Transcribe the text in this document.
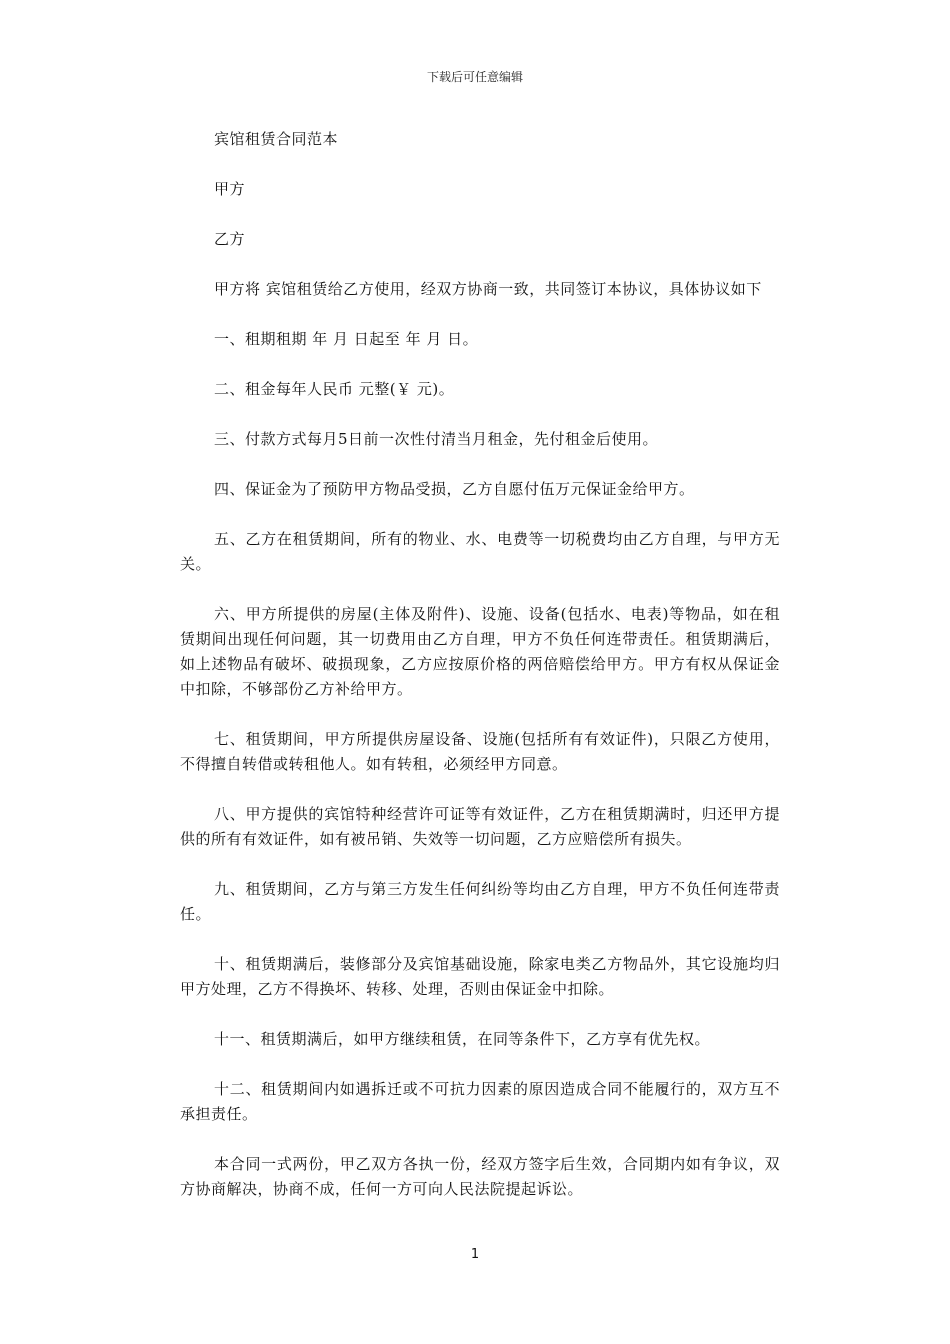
下载后可任意编辑

宾馆租赁合同范本

甲方

乙方

甲方将 宾馆租赁给乙方使用，经双方协商一致，共同签订本协议，具体协议如下

一、租期租期 年 月 日起至 年 月 日。

二、租金每年人民币 元整(￥ 元)。

三、付款方式每月5日前一次性付清当月租金，先付租金后使用。

四、保证金为了预防甲方物品受损，乙方自愿付伍万元保证金给甲方。

五、乙方在租赁期间，所有的物业、水、电费等一切税费均由乙方自理，与甲方无关。

六、甲方所提供的房屋(主体及附件)、设施、设备(包括水、电表)等物品，如在租赁期间出现任何问题，其一切费用由乙方自理，甲方不负任何连带责任。租赁期满后，如上述物品有破坏、破损现象，乙方应按原价格的两倍赔偿给甲方。甲方有权从保证金中扣除，不够部份乙方补给甲方。

七、租赁期间，甲方所提供房屋设备、设施(包括所有有效证件)，只限乙方使用，不得擅自转借或转租他人。如有转租，必须经甲方同意。

八、甲方提供的宾馆特种经营许可证等有效证件，乙方在租赁期满时，归还甲方提供的所有有效证件，如有被吊销、失效等一切问题，乙方应赔偿所有损失。

九、租赁期间，乙方与第三方发生任何纠纷等均由乙方自理，甲方不负任何连带责任。

十、租赁期满后，装修部分及宾馆基础设施，除家电类乙方物品外，其它设施均归甲方处理，乙方不得换坏、转移、处理，否则由保证金中扣除。

十一、租赁期满后，如甲方继续租赁，在同等条件下，乙方享有优先权。

十二、租赁期间内如遇拆迁或不可抗力因素的原因造成合同不能履行的，双方互不承担责任。

本合同一式两份，甲乙双方各执一份，经双方签字后生效，合同期内如有争议，双方协商解决，协商不成，任何一方可向人民法院提起诉讼。

1
